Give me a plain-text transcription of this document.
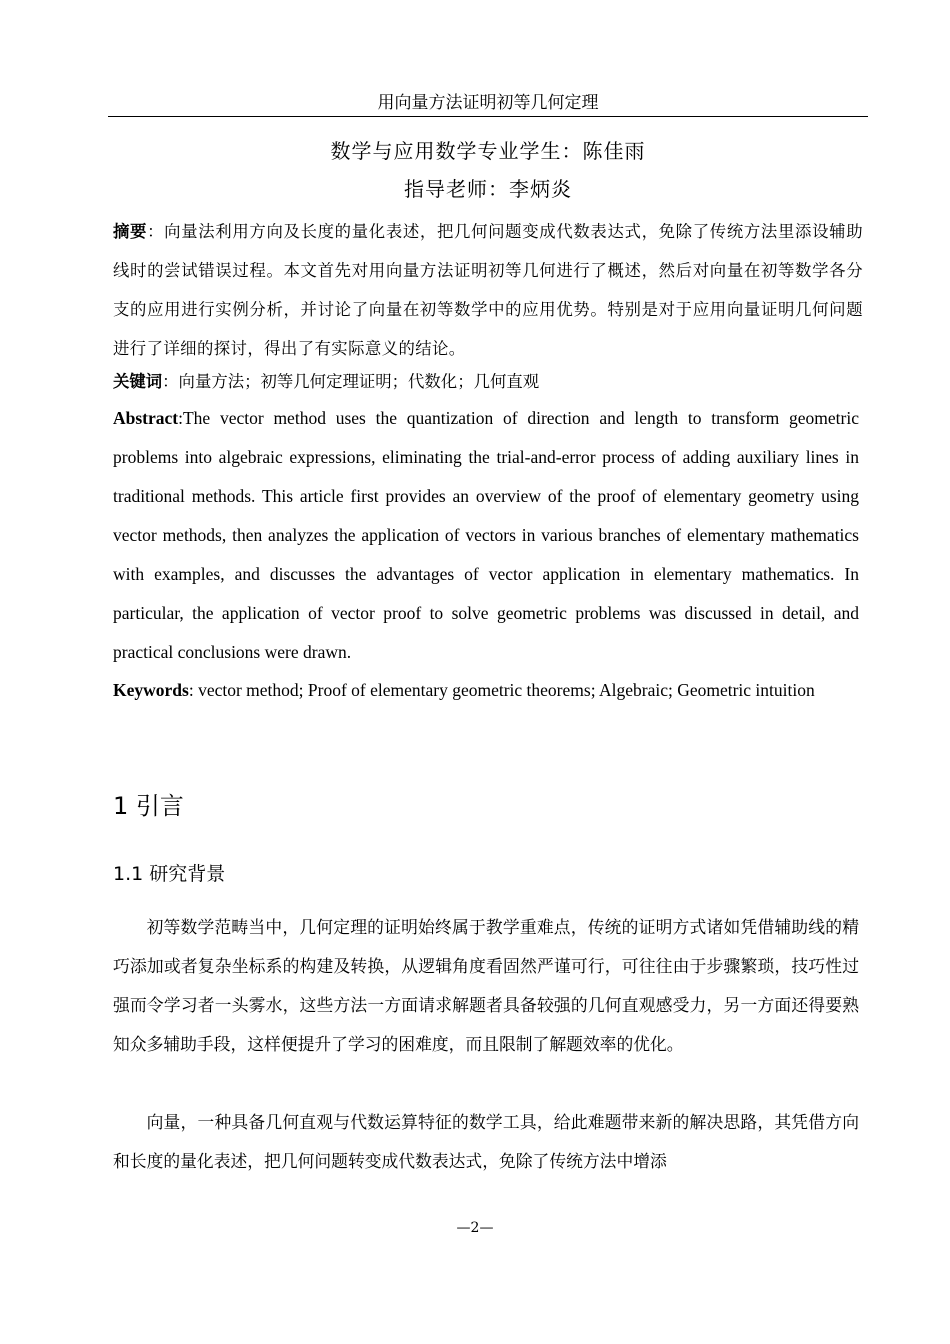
用向量方法证明初等几何定理
数学与应用数学专业学生：陈佳雨
指导老师：李炳炎
摘要：向量法利用方向及长度的量化表述，把几何问题变成代数表达式，免除了传统方法里添设辅助线时的尝试错误过程。本文首先对用向量方法证明初等几何进行了概述，然后对向量在初等数学各分支的应用进行实例分析，并讨论了向量在初等数学中的应用优势。特别是对于应用向量证明几何问题进行了详细的探讨，得出了有实际意义的结论。
关键词：向量方法；初等几何定理证明；代数化；几何直观
Abstract:The vector method uses the quantization of direction and length to transform geometric problems into algebraic expressions, eliminating the trial-and-error process of adding auxiliary lines in traditional methods. This article first provides an overview of the proof of elementary geometry using vector methods, then analyzes the application of vectors in various branches of elementary mathematics with examples, and discusses the advantages of vector application in elementary mathematics. In particular, the application of vector proof to solve geometric problems was discussed in detail, and practical conclusions were drawn.
Keywords: vector method; Proof of elementary geometric theorems; Algebraic; Geometric intuition
1 引言
1.1 研究背景
初等数学范畴当中，几何定理的证明始终属于教学重难点，传统的证明方式诸如凭借辅助线的精巧添加或者复杂坐标系的构建及转换，从逻辑角度看固然严谨可行，可往往由于步骤繁琐，技巧性过强而令学习者一头雾水，这些方法一方面请求解题者具备较强的几何直观感受力，另一方面还得要熟知众多辅助手段，这样便提升了学习的困难度，而且限制了解题效率的优化。
向量，一种具备几何直观与代数运算特征的数学工具，给此难题带来新的解决思路，其凭借方向和长度的量化表述，把几何问题转变成代数表达式，免除了传统方法中增添
—2—
